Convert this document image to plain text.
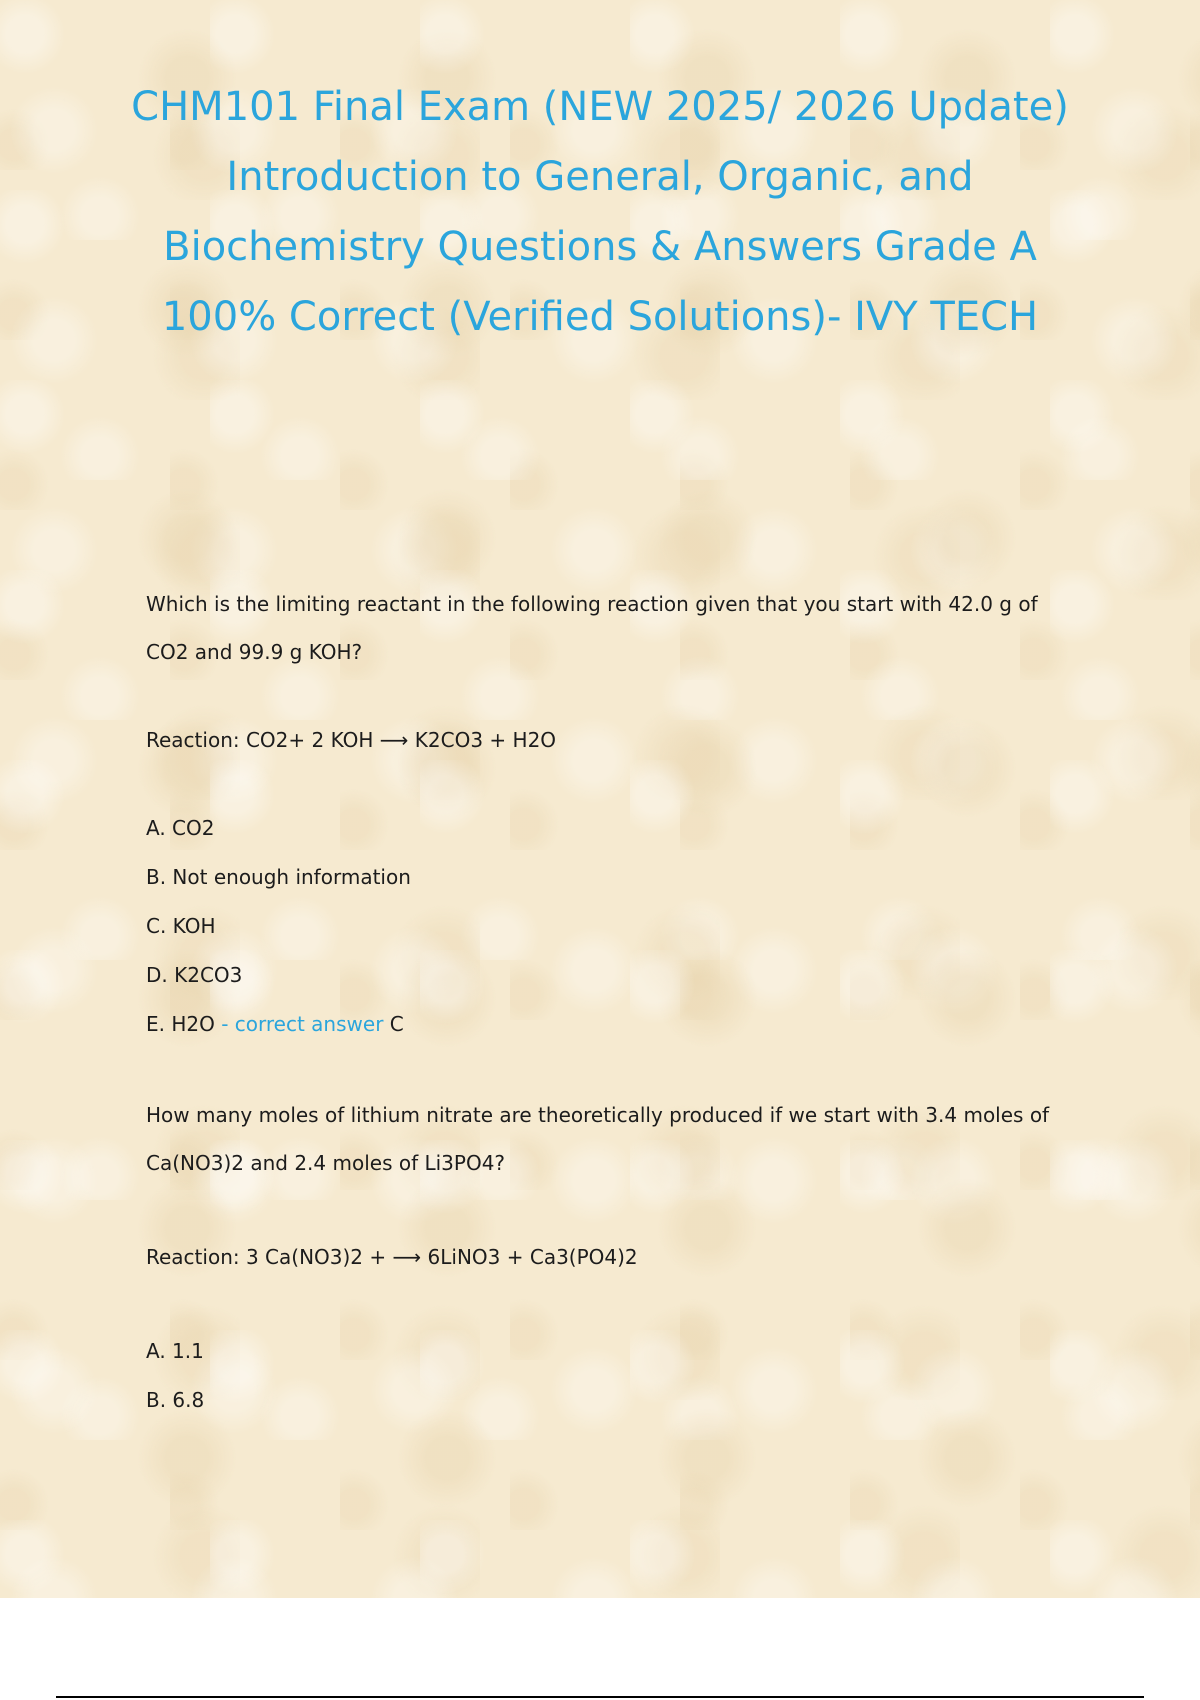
CHM101 Final Exam (NEW 2025/ 2026 Update) Introduction to General, Organic, and Biochemistry Questions & Answers Grade A 100% Correct (Verified Solutions)- IVY TECH

Which is the limiting reactant in the following reaction given that you start with 42.0 g of CO2 and 99.9 g KOH?

Reaction: CO2+ 2 KOH ⟶ K2CO3 + H2O

A. CO2
B. Not enough information
C. KOH
D. K2CO3
E. H2O - correct answer C

How many moles of lithium nitrate are theoretically produced if we start with 3.4 moles of Ca(NO3)2 and 2.4 moles of Li3PO4?

Reaction: 3 Ca(NO3)2 + ⟶ 6LiNO3 + Ca3(PO4)2

A. 1.1
B. 6.8
